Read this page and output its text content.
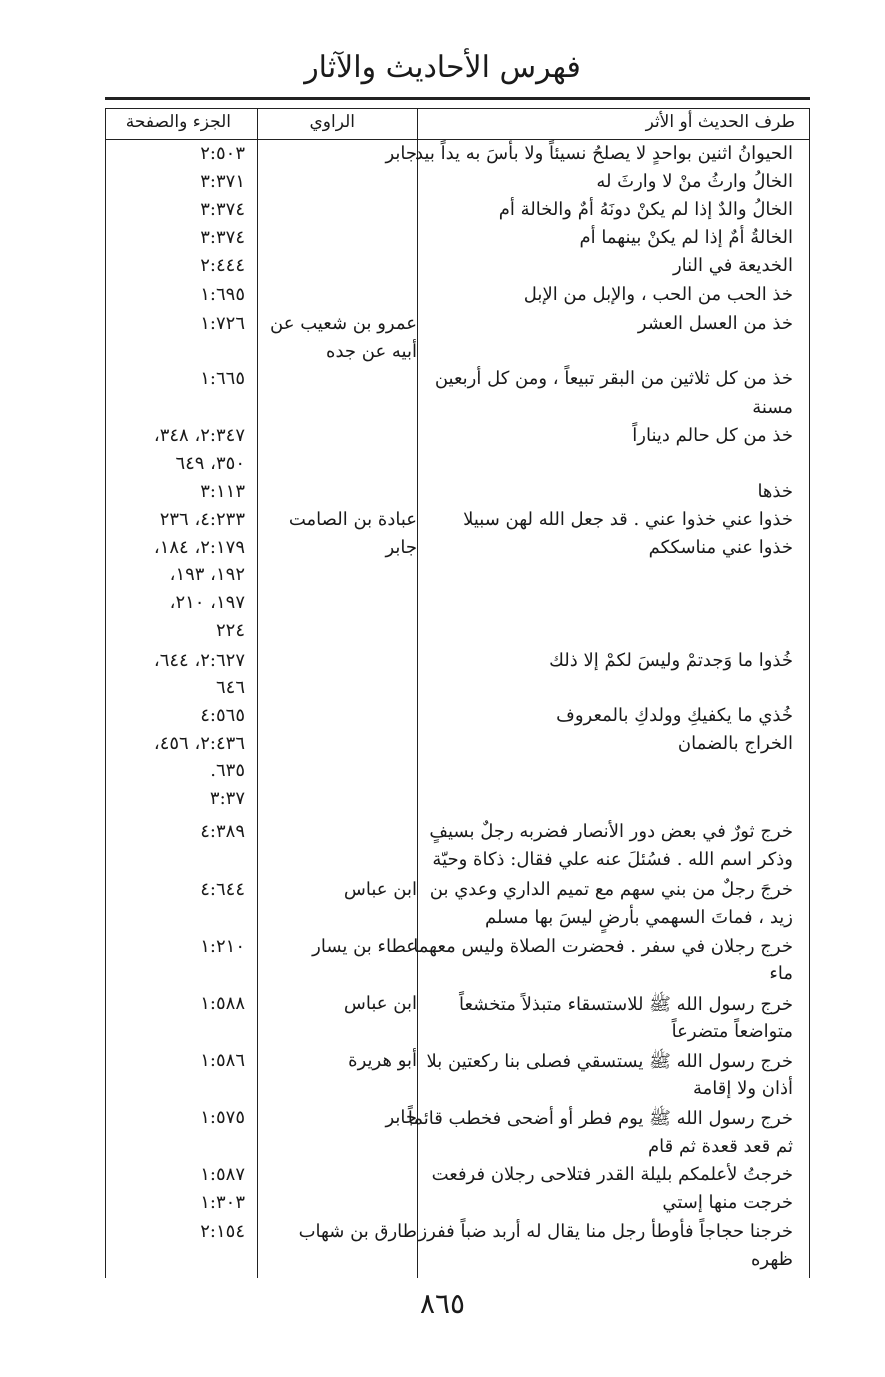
فهرس الأحاديث والآثار
طرف الحديث أو الأثر
الراوي
الجزء والصفحة
الحيوانُ اثنين بواحدٍ لا يصلحُ نسيئاً ولا بأسَ به يداً بيد
جابر
٢:٥٠٣
الخالُ وارثُ منْ لا وارثَ له
٣:٣٧١
الخالُ والدٌ إذا لم يكنْ دونَهُ أمٌ والخالة أم
٣:٣٧٤
الخالةُ أمٌ إذا لم يكنْ بينهما أم
٣:٣٧٤
الخديعة في النار
٢:٤٤٤
خذ الحب من الحب ، والإبل من الإبل
١:٦٩٥
خذ من العسل العشر
عمرو بن شعيب عن
١:٧٢٦
أبيه عن جده
خذ من كل ثلاثين من البقر تبيعاً ، ومن كل أربعين
١:٦٦٥
مسنة
خذ من كل حالم ديناراً
٢:٣٤٧، ٣٤٨،
٣٥٠، ٦٤٩
خذها
٣:١١٣
خذوا عني خذوا عني . قد جعل الله لهن سبيلا
عبادة بن الصامت
٤:٢٣٣، ٢٣٦
خذوا عني مناسككم
جابر
٢:١٧٩، ١٨٤،
١٩٢، ١٩٣،
١٩٧، ٢١٠،
٢٢٤
خُذوا ما وَجدتمْ وليسَ لكمْ إلا ذلك
٢:٦٢٧، ٦٤٤،
٦٤٦
خُذي ما يكفيكِ وولدكِ بالمعروف
٤:٥٦٥
الخراج بالضمان
٢:٤٣٦، ٤٥٦،
٦٣٥.
٣:٣٧
خرج ثورٌ في بعض دور الأنصار فضربه رجلٌ بسيفٍ
٤:٣٨٩
وذكر اسم الله . فسُئلَ عنه علي فقال: ذكاة وحيّة
خرجَ رجلٌ من بني سهم مع تميم الداري وعدي بن
ابن عباس
٤:٦٤٤
زيد ، فماتَ السهمي بأرضٍ ليسَ بها مسلم
خرج رجلان في سفر . فحضرت الصلاة وليس معهما
عطاء بن يسار
١:٢١٠
ماء
خرج رسول الله ﷺ للاستسقاء متبذلاً متخشعاً
ابن عباس
١:٥٨٨
متواضعاً متضرعاً
خرج رسول الله ﷺ يستسقي فصلى بنا ركعتين بلا
أبو هريرة
١:٥٨٦
أذان ولا إقامة
خرج رسول الله ﷺ يوم فطر أو أضحى فخطب قائماً
جابر
١:٥٧٥
ثم قعد قعدة ثم قام
خرجتُ لأعلمكم بليلة القدر فتلاحى رجلان فرفعت
١:٥٨٧
خرجت منها إستي
١:٣٠٣
خرجنا حجاجاً فأوطأ رجل منا يقال له أربد ضباً ففرز
طارق بن شهاب
٢:١٥٤
ظهره
٨٦٥
